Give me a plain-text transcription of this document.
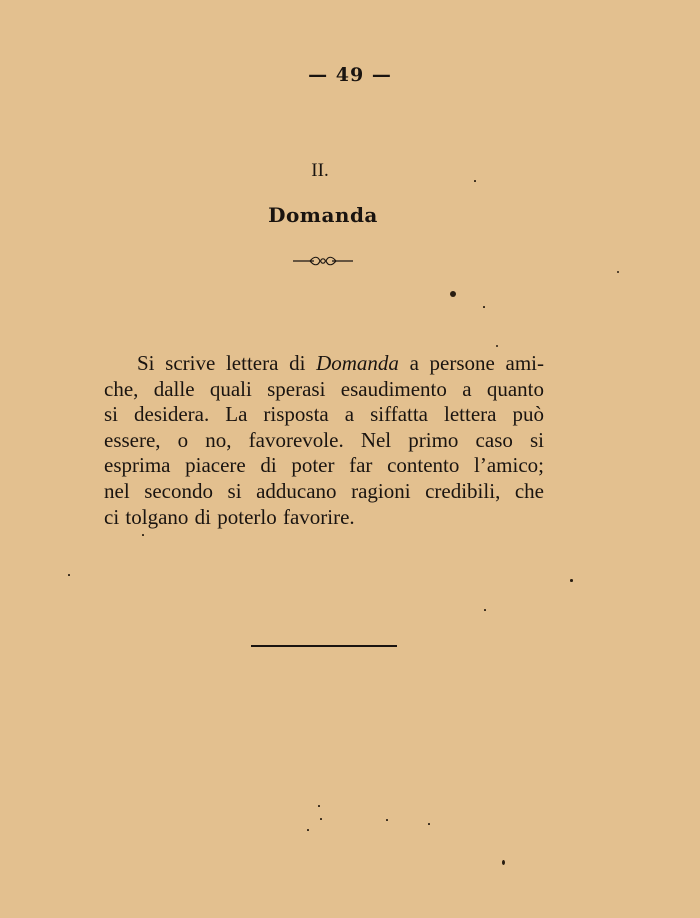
— 49 —
II.
Domanda
Si scrive lettera di Domanda a persone ami-
che, dalle quali sperasi esaudimento a quanto
si desidera. La risposta a siffatta lettera può
essere, o no, favorevole. Nel primo caso si
esprima piacere di poter far contento l’amico;
nel secondo si adducano ragioni credibili, che
ci tolgano di poterlo favorire.
